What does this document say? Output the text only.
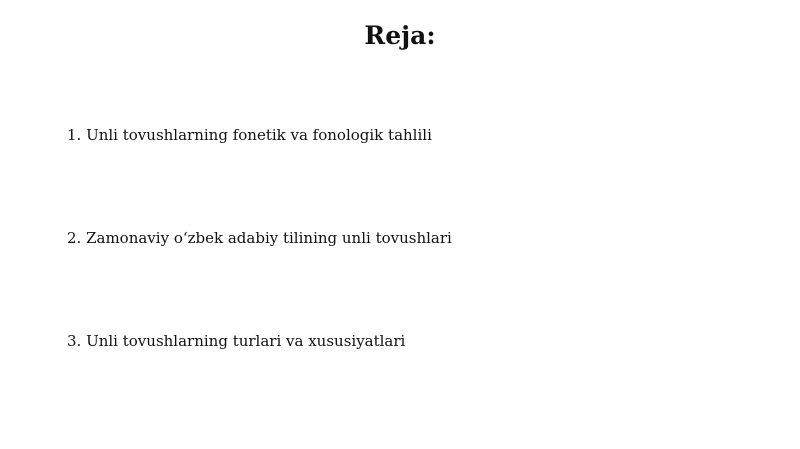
Reja:
1. Unli tovushlarning fonetik va fonologik tahlili
2. Zamonaviy o‘zbek adabiy tilining unli tovushlari
3. Unli tovushlarning turlari va xususiyatlari
